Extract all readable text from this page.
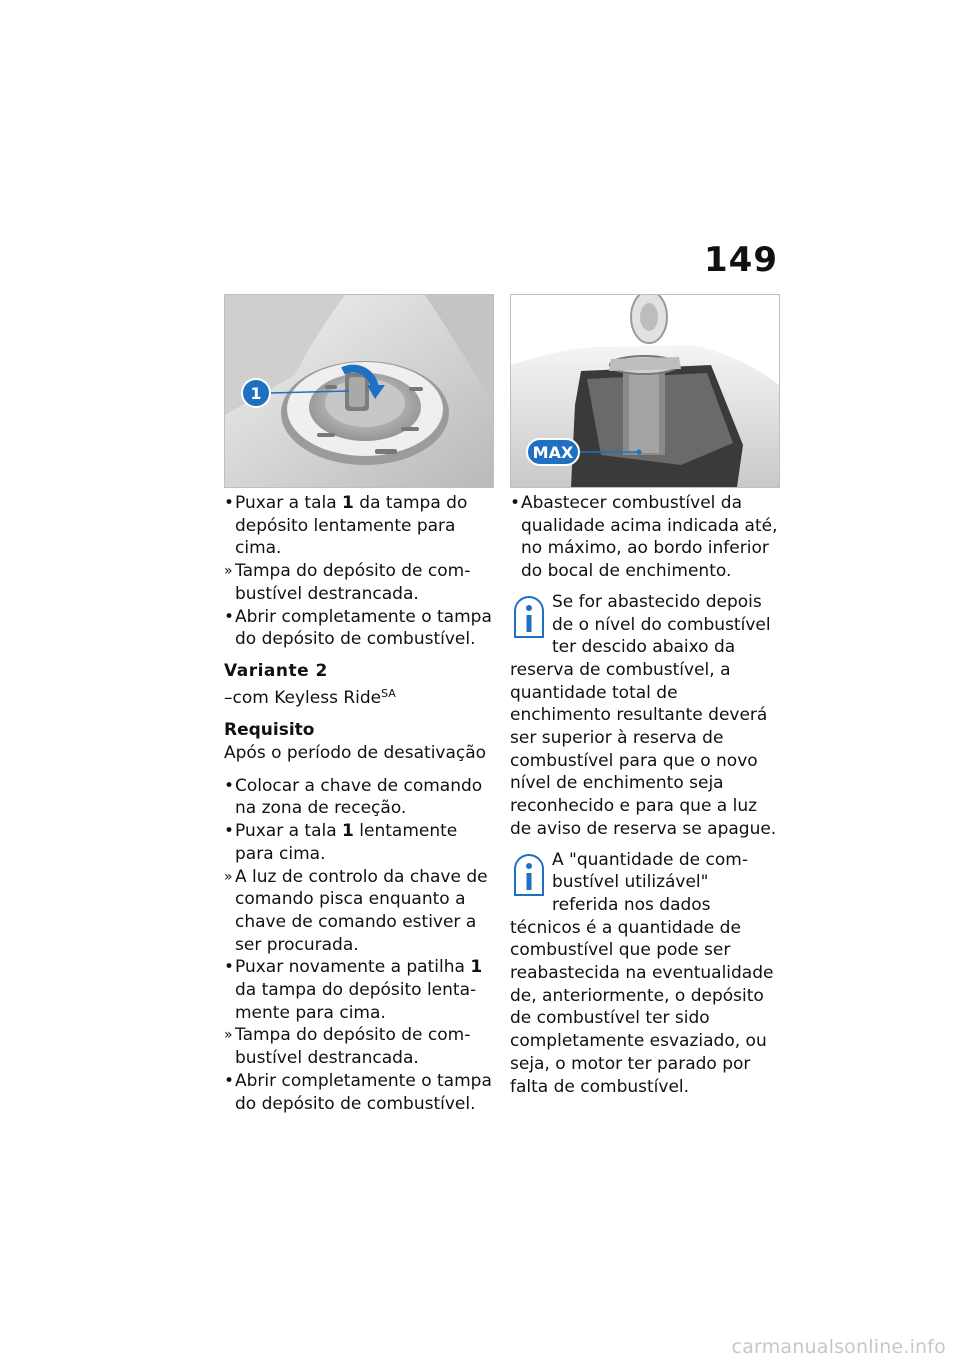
149
1
MAX
• Puxar a tala 1 da tampa do depósito lentamente para cima.
» Tampa do depósito de combustível destrancada.
• Abrir completamente o tampa do depósito de combustível.
Variante 2
–com Keyless Ride$^{SA}$
Requisito
Após o período de desativação
• Colocar a chave de comando na zona de receção.
• Puxar a tala 1 lentamente para cima.
» A luz de controlo da chave de comando pisca enquanto a chave de comando estiver a ser procurada.
• Puxar novamente a patilha 1 da tampa do depósito lentamente para cima.
» Tampa do depósito de combustível destrancada.
• Abrir completamente o tampa do depósito de combustível.
• Abastecer combustível da qualidade acima indicada até, no máximo, ao bordo inferior do bocal de enchimento.
Se for abastecido depois de o nível do combustível ter descido abaixo da reserva de combustível, a quantidade total de enchimento resultante deverá ser superior à reserva de combustível para que o novo nível de enchimento seja reconhecido e para que a luz de aviso de reserva se apague.
A "quantidade de combustível utilizável" referida nos dados técnicos é a quantidade de combustível que pode ser reabastecida na eventualidade de, anteriormente, o depósito de combustível ter sido completamente esvaziado, ou seja, o motor ter parado por falta de combustível.
carmanualsonline.info
